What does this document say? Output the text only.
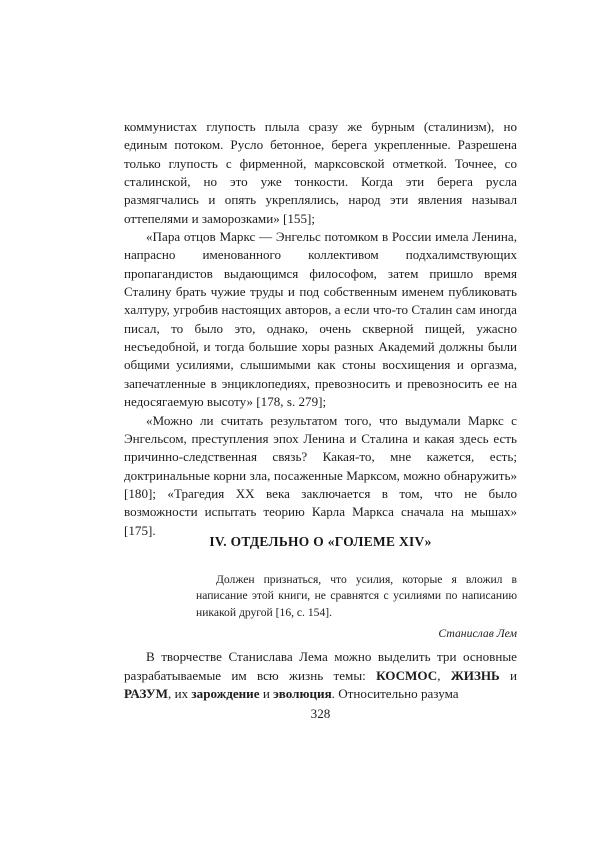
коммунистах глупость плыла сразу же бурным (сталинизм), но единым потоком. Русло бетонное, берега укрепленные. Разрешена только глупость с фирменной, марксовской отметкой. Точнее, со сталинской, но это уже тонкости. Когда эти берега русла размягчались и опять укреплялись, народ эти явления называл оттепелями и заморозками» [155];

«Пара отцов Маркс — Энгельс потомком в России имела Ленина, напрасно именованного коллективом подхалимствующих пропагандистов выдающимся философом, затем пришло время Сталину брать чужие труды и под собственным именем публиковать халтуру, угробив настоящих авторов, а если что-то Сталин сам иногда писал, то было это, однако, очень скверной пищей, ужасно несъедобной, и тогда большие хоры разных Академий должны были общими усилиями, слышимыми как стоны восхищения и оргазма, запечатленные в энциклопедиях, превозносить и превозносить ее на недосягаемую высоту» [178, s. 279];

«Можно ли считать результатом того, что выдумали Маркс с Энгельсом, преступления эпох Ленина и Сталина и какая здесь есть причинно-следственная связь? Какая-то, мне кажется, есть; доктринальные корни зла, посаженные Марксом, можно обнаружить» [180]; «Трагедия XX века заключается в том, что не было возможности испытать теорию Карла Маркса сначала на мышах» [175].

IV. ОТДЕЛЬНО О «ГОЛЕМЕ XIV»

Должен признаться, что усилия, которые я вложил в написание этой книги, не сравнятся с усилиями по написанию никакой другой [16, с. 154].

Станислав Лем

В творчестве Станислава Лема можно выделить три основные разрабатываемые им всю жизнь темы: КОСМОС, ЖИЗНЬ и РАЗУМ, их зарождение и эволюция. Относительно разума

328
